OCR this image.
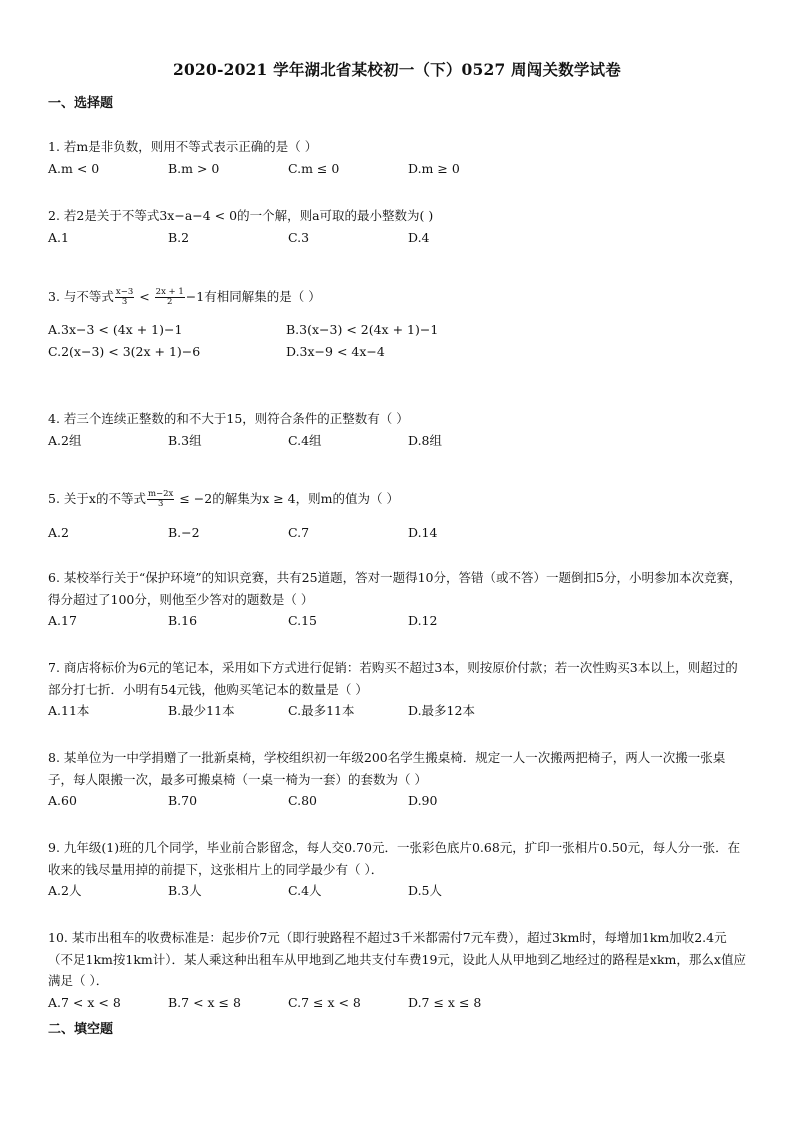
2020-2021 学年湖北省某校初一（下）0527 周闯关数学试卷
一、选择题
1. 若m是非负数，则用不等式表示正确的是（ ）
A.m < 0	B.m > 0	C.m ≤ 0	D.m ≥ 0
2. 若2是关于不等式3x−a−4 < 0的一个解，则a可取的最小整数为( )
A.1	B.2	C.3	D.4
3. 与不等式 $\frac{x-3}{3} < \frac{2x + 1}{2} -1$有相同解集的是（ ）
A.3x−3 < (4x + 1)−1	B.3(x−3) < 2(4x + 1)−1
C.2(x−3) < 3(2x + 1)−6	D.3x−9 < 4x−4
4. 若三个连续正整数的和不大于15，则符合条件的正整数有（ ）
A.2组	B.3组	C.4组	D.8组
5. 关于x的不等式 $\frac{m-2x}{3} \le -2$的解集为x ≥ 4，则m的值为（ ）
A.2	B.−2	C.7	D.14
6. 某校举行关于“保护环境”的知识竞赛，共有25道题，答对一题得10分，答错（或不答）一题倒扣5分，小明参加本次竞赛，得分超过了100分，则他至少答对的题数是（ ）
A.17	B.16	C.15	D.12
7. 商店将标价为6元的笔记本，采用如下方式进行促销：若购买不超过3本，则按原价付款；若一次性购买3本以上，则超过的部分打七折．小明有54元钱，他购买笔记本的数量是（ ）
A.11本	B.最少11本	C.最多11本	D.最多12本
8. 某单位为一中学捐赠了一批新桌椅，学校组织初一年级200名学生搬桌椅．规定一人一次搬两把椅子，两人一次搬一张桌子，每人限搬一次，最多可搬桌椅（一桌一椅为一套）的套数为（ ）
A.60	B.70	C.80	D.90
9. 九年级(1)班的几个同学，毕业前合影留念，每人交0.70元．一张彩色底片0.68元，扩印一张相片0.50元，每人分一张．在收来的钱尽量用掉的前提下，这张相片上的同学最少有（ ）．
A.2人	B.3人	C.4人	D.5人
10. 某市出租车的收费标准是：起步价7元（即行驶路程不超过3千米都需付7元车费），超过3km时，每增加1km加收2.4元（不足1km按1km计）．某人乘这种出租车从甲地到乙地共支付车费19元，设此人从甲地到乙地经过的路程是xkm，那么x值应满足（ ）．
A.7 < x < 8	B.7 < x ≤ 8	C.7 ≤ x < 8	D.7 ≤ x ≤ 8
二、填空题
